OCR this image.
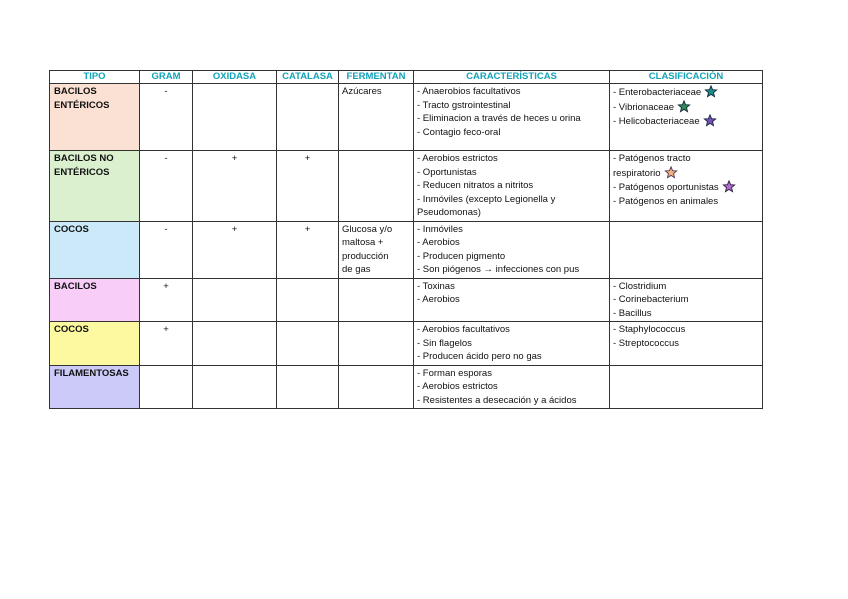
TIPO	GRAM	OXIDASA	CATALASA	FERMENTAN	CARACTERÍSTICAS	CLASIFICACIÓN

BACILOS
ENTÉRICOS	-			Azúcares	- Anaerobios facultativos
- Tracto gstrointestinal
- Eliminacion a través de heces u orina
- Contagio feco-oral	- Enterobacteriaceae
- Vibrionaceae
- Helicobacteriaceae

BACILOS NO
ENTÉRICOS	-	+	+		- Aerobios estrictos
- Oportunistas
- Reducen nitratos a nitritos
- Inmóviles (excepto Legionella y
Pseudomonas)	- Patógenos tracto
respiratorio
- Patógenos oportunistas
- Patógenos en animales

COCOS	-	+	+	Glucosa y/o
maltosa +
producción
de gas	- Inmóviles
- Aerobios
- Producen pigmento
- Son piógenos → infecciones con pus	

BACILOS	+				- Toxinas
- Aerobios	- Clostridium
- Corinebacterium
- Bacillus

COCOS	+				- Aerobios facultativos
- Sin flagelos
- Producen ácido pero no gas	- Staphylococcus
- Streptococcus

FILAMENTOSAS					- Forman esporas
- Aerobios estrictos
- Resistentes a desecación y a ácidos	
